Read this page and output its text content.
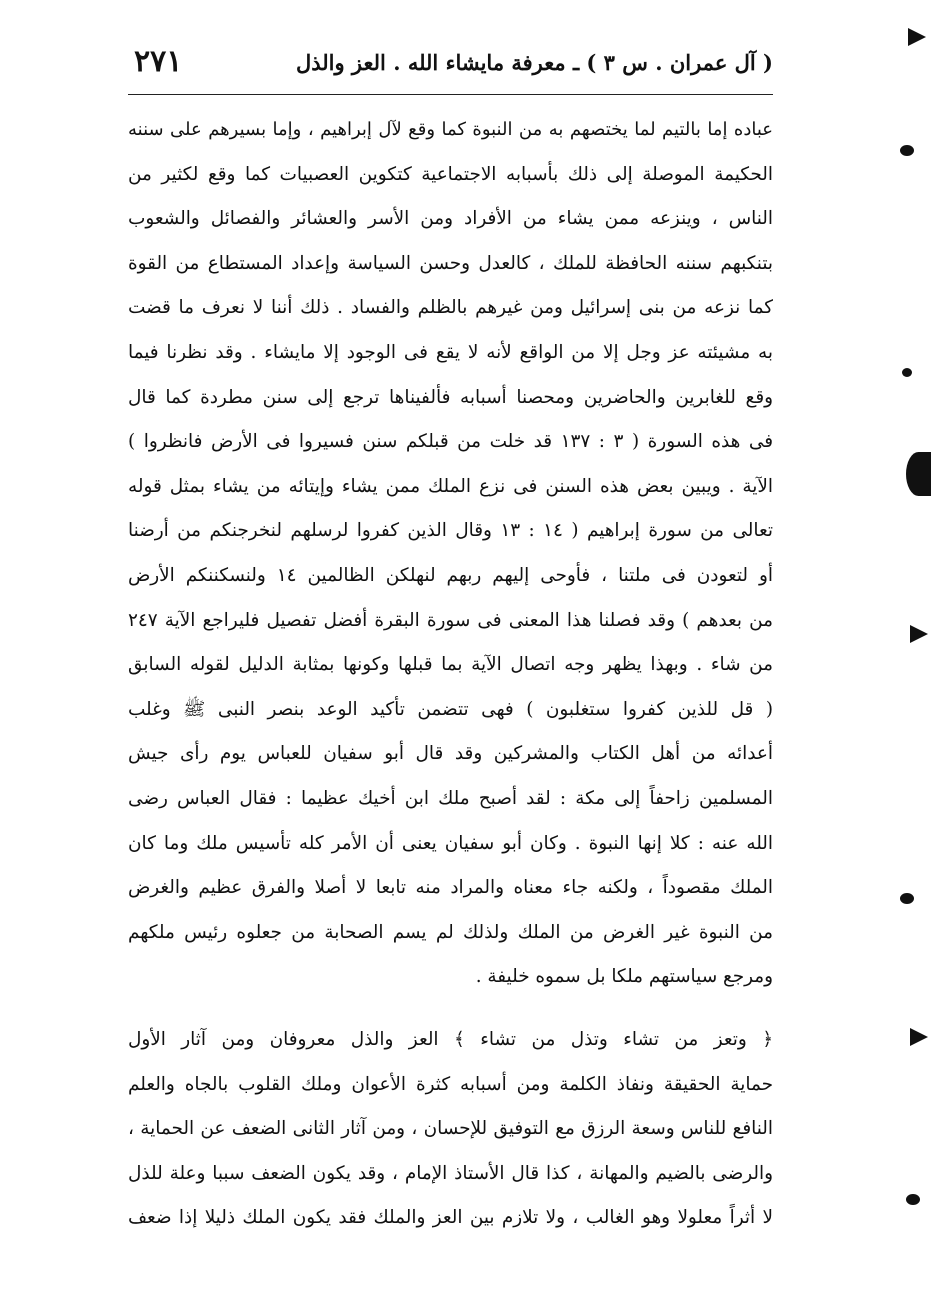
( آل عمران . س ٣ ) ـ معرفة مايشاء الله . العز والذل
٢٧١
عباده إما بالتيم لما يختصهم به من النبوة كما وقع لآل إبراهيم ، وإما بسيرهم على سننه
الحكيمة الموصلة إلى ذلك بأسبابه الاجتماعية كتكوين العصبيات كما وقع لكثير من
الناس ، وينزعه ممن يشاء من الأفراد ومن الأسر والعشائر والفصائل والشعوب
بتنكبهم سننه الحافظة للملك ، كالعدل وحسن السياسة وإعداد المستطاع من القوة
كما نزعه من بنى إسرائيل ومن غيرهم بالظلم والفساد . ذلك أننا لا نعرف ما قضت
به مشيئته عز وجل إلا من الواقع لأنه لا يقع فى الوجود إلا مايشاء . وقد نظرنا فيما
وقع للغابرين والحاضرين ومحصنا أسبابه فألفيناها ترجع إلى سنن مطردة كما قال
فى هذه السورة ( ٣ : ١٣٧ قد خلت من قبلكم سنن فسيروا فى الأرض فانظروا )
الآية . ويبين بعض هذه السنن فى نزع الملك ممن يشاء وإيتائه من يشاء بمثل قوله
تعالى من سورة إبراهيم ( ١٤ : ١٣ وقال الذين كفروا لرسلهم لنخرجنكم من أرضنا
أو لتعودن فى ملتنا ، فأوحى إليهم ربهم لنهلكن الظالمين ١٤ ولنسكننكم الأرض
من بعدهم ) وقد فصلنا هذا المعنى فى سورة البقرة أفضل تفصيل فليراجع الآية ٢٤٧
من شاء . وبهذا يظهر وجه اتصال الآية بما قبلها وكونها بمثابة الدليل لقوله السابق
( قل للذين كفروا ستغلبون ) فهى تتضمن تأكيد الوعد بنصر النبى ﷺ وغلب
أعدائه من أهل الكتاب والمشركين وقد قال أبو سفيان للعباس يوم رأى جيش
المسلمين زاحفاً إلى مكة : لقد أصبح ملك ابن أخيك عظيما : فقال العباس رضى
الله عنه : كلا إنها النبوة . وكان أبو سفيان يعنى أن الأمر كله تأسيس ملك وما كان
الملك مقصوداً ، ولكنه جاء معناه والمراد منه تابعا لا أصلا والفرق عظيم والغرض
من النبوة غير الغرض من الملك ولذلك لم يسم الصحابة من جعلوه رئيس ملكهم
ومرجع سياستهم ملكا بل سموه خليفة .
﴿ وتعز من تشاء وتذل من تشاء ﴾ العز والذل معروفان ومن آثار الأول
حماية الحقيقة ونفاذ الكلمة ومن أسبابه كثرة الأعوان وملك القلوب بالجاه والعلم
النافع للناس وسعة الرزق مع التوفيق للإحسان ، ومن آثار الثانى الضعف عن الحماية ،
والرضى بالضيم والمهانة ، كذا قال الأستاذ الإمام ، وقد يكون الضعف سببا وعلة للذل
لا أثراً معلولا وهو الغالب ، ولا تلازم بين العز والملك فقد يكون الملك ذليلا إذا ضعف
